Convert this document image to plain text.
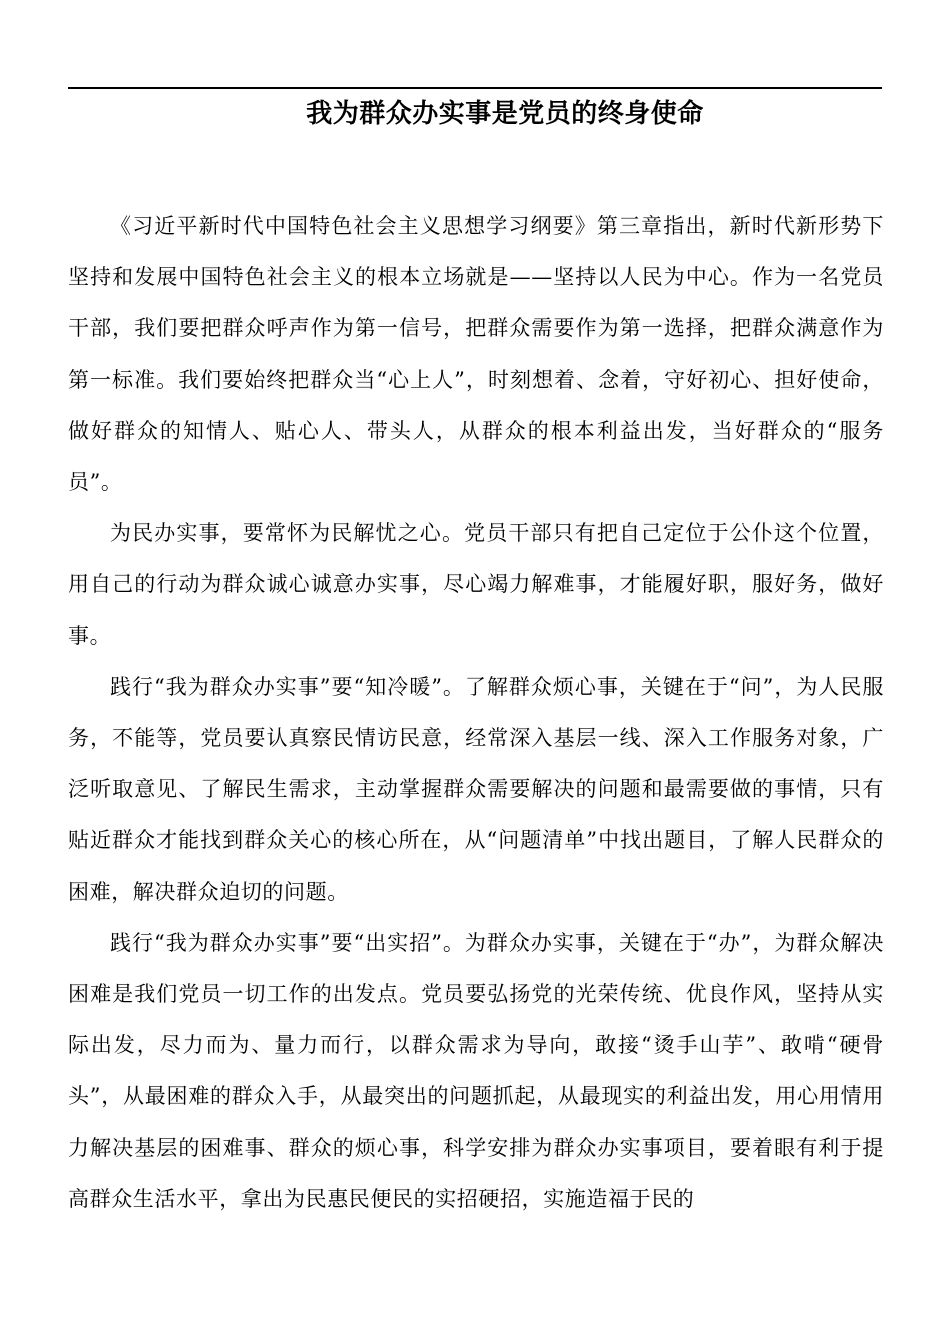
我为群众办实事是党员的终身使命

《习近平新时代中国特色社会主义思想学习纲要》第三章指出，新时代新形势下坚持和发展中国特色社会主义的根本立场就是——坚持以人民为中心。作为一名党员干部，我们要把群众呼声作为第一信号，把群众需要作为第一选择，把群众满意作为第一标准。我们要始终把群众当“心上人”，时刻想着、念着，守好初心、担好使命，做好群众的知情人、贴心人、带头人，从群众的根本利益出发，当好群众的“服务员”。

为民办实事，要常怀为民解忧之心。党员干部只有把自己定位于公仆这个位置，用自己的行动为群众诚心诚意办实事，尽心竭力解难事，才能履好职，服好务，做好事。

践行“我为群众办实事”要“知冷暖”。了解群众烦心事，关键在于“问”，为人民服务，不能等，党员要认真察民情访民意，经常深入基层一线、深入工作服务对象，广泛听取意见、了解民生需求，主动掌握群众需要解决的问题和最需要做的事情，只有贴近群众才能找到群众关心的核心所在，从“问题清单”中找出题目，了解人民群众的困难，解决群众迫切的问题。

践行“我为群众办实事”要“出实招”。为群众办实事，关键在于“办”，为群众解决困难是我们党员一切工作的出发点。党员要弘扬党的光荣传统、优良作风，坚持从实际出发，尽力而为、量力而行，以群众需求为导向，敢接“烫手山芋”、敢啃“硬骨头”，从最困难的群众入手，从最突出的问题抓起，从最现实的利益出发，用心用情用力解决基层的困难事、群众的烦心事，科学安排为群众办实事项目，要着眼有利于提高群众生活水平，拿出为民惠民便民的实招硬招，实施造福于民的
